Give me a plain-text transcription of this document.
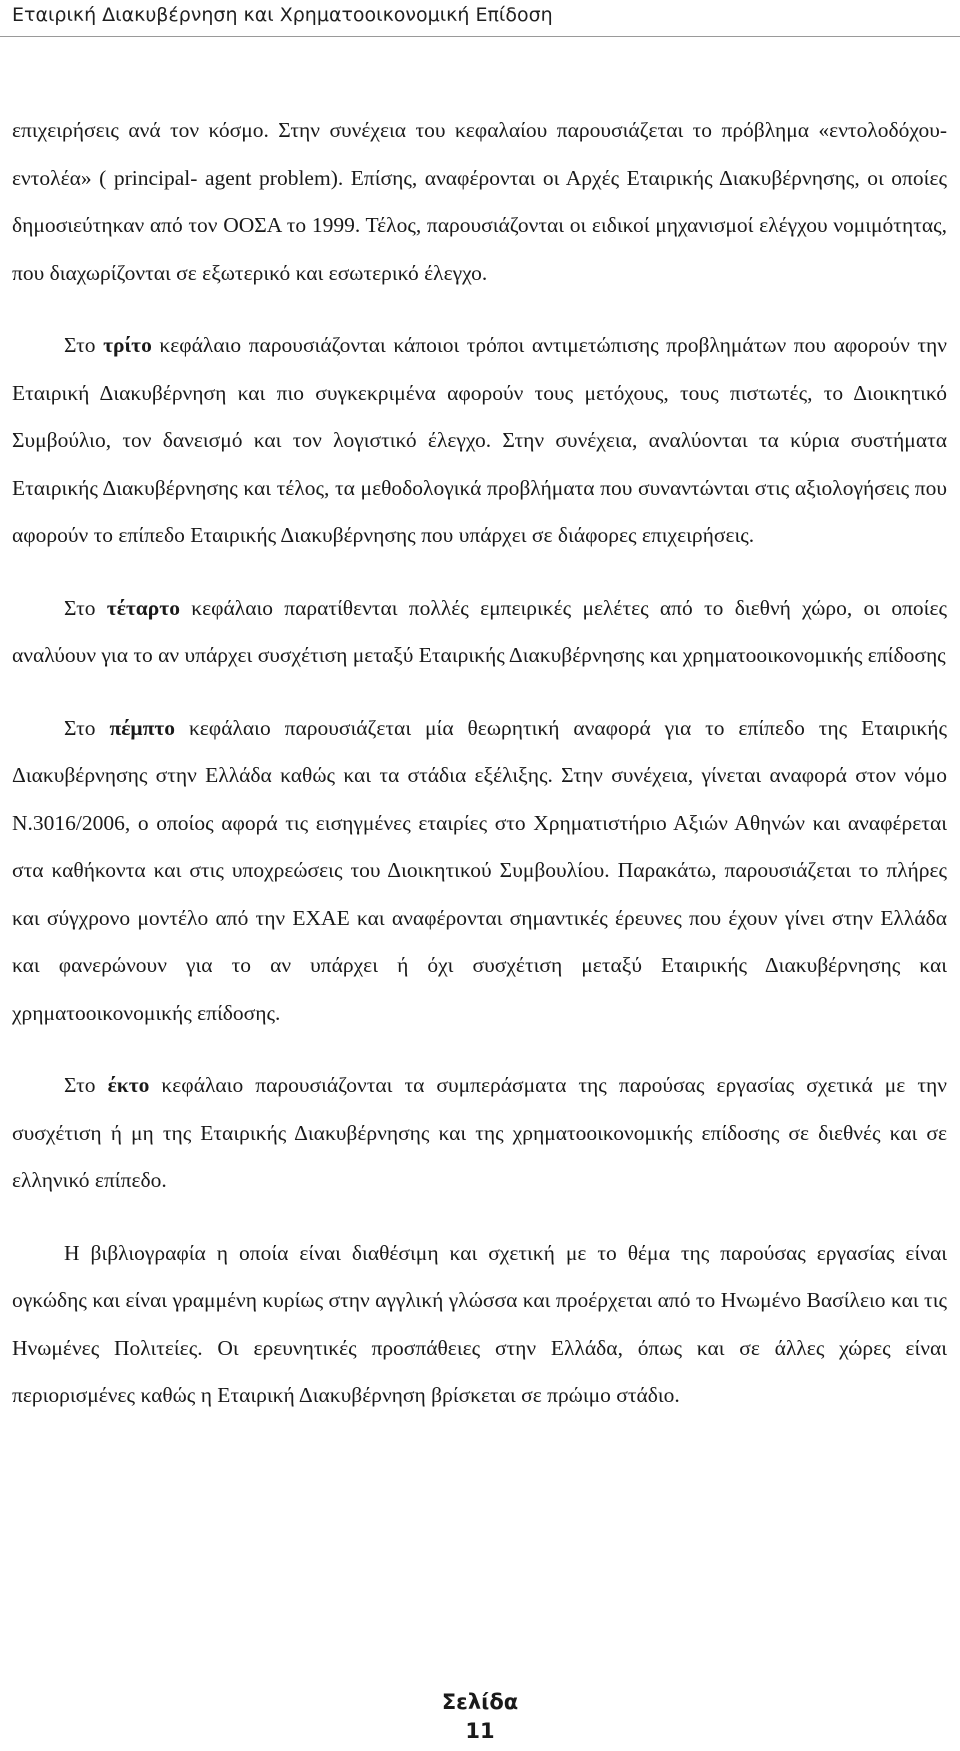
Εταιρική Διακυβέρνηση και Χρηματοοικονομική Επίδοση

επιχειρήσεις ανά τον κόσμο. Στην συνέχεια του κεφαλαίου παρουσιάζεται το πρόβλημα «εντολοδόχου- εντολέα» ( principal- agent problem). Επίσης, αναφέρονται οι Αρχές Εταιρικής Διακυβέρνησης, οι οποίες δημοσιεύτηκαν από τον ΟΟΣΑ το 1999. Τέλος, παρουσιάζονται οι ειδικοί μηχανισμοί ελέγχου νομιμότητας, που διαχωρίζονται σε εξωτερικό και εσωτερικό έλεγχο.

Στο τρίτο κεφάλαιο παρουσιάζονται κάποιοι τρόποι αντιμετώπισης προβλημάτων που αφορούν την Εταιρική Διακυβέρνηση και πιο συγκεκριμένα αφορούν τους μετόχους, τους πιστωτές, το Διοικητικό Συμβούλιο, τον δανεισμό και τον λογιστικό έλεγχο. Στην συνέχεια, αναλύονται τα κύρια συστήματα Εταιρικής Διακυβέρνησης και τέλος, τα μεθοδολογικά προβλήματα που συναντώνται στις αξιολογήσεις που αφορούν το επίπεδο Εταιρικής Διακυβέρνησης που υπάρχει σε διάφορες επιχειρήσεις.

Στο τέταρτο κεφάλαιο παρατίθενται πολλές εμπειρικές μελέτες από το διεθνή χώρο, οι οποίες αναλύουν για το αν υπάρχει συσχέτιση μεταξύ Εταιρικής Διακυβέρνησης και χρηματοοικονομικής επίδοσης

Στο πέμπτο κεφάλαιο παρουσιάζεται μία θεωρητική αναφορά για το επίπεδο της Εταιρικής Διακυβέρνησης στην Ελλάδα καθώς και τα στάδια εξέλιξης. Στην συνέχεια, γίνεται αναφορά στον νόμο Ν.3016/2006, ο οποίος αφορά τις εισηγμένες εταιρίες στο Χρηματιστήριο Αξιών Αθηνών και αναφέρεται στα καθήκοντα και στις υποχρεώσεις του Διοικητικού Συμβουλίου. Παρακάτω, παρουσιάζεται το πλήρες και σύγχρονο μοντέλο από την ΕΧΑΕ και αναφέρονται σημαντικές έρευνες που έχουν γίνει στην Ελλάδα και φανερώνουν για το αν υπάρχει ή όχι συσχέτιση μεταξύ Εταιρικής Διακυβέρνησης και χρηματοοικονομικής επίδοσης.

Στο έκτο κεφάλαιο παρουσιάζονται τα συμπεράσματα της παρούσας εργασίας σχετικά με την συσχέτιση ή μη της Εταιρικής Διακυβέρνησης και της χρηματοοικονομικής επίδοσης σε διεθνές και σε ελληνικό επίπεδο.

Η βιβλιογραφία η οποία είναι διαθέσιμη και σχετική με το θέμα της παρούσας εργασίας είναι ογκώδης και είναι γραμμένη κυρίως στην αγγλική γλώσσα και προέρχεται από το Ηνωμένο Βασίλειο και τις Ηνωμένες Πολιτείες. Οι ερευνητικές προσπάθειες στην Ελλάδα, όπως και σε άλλες χώρες είναι περιορισμένες καθώς η Εταιρική Διακυβέρνηση βρίσκεται σε πρώιμο στάδιο.

Σελίδα
11
